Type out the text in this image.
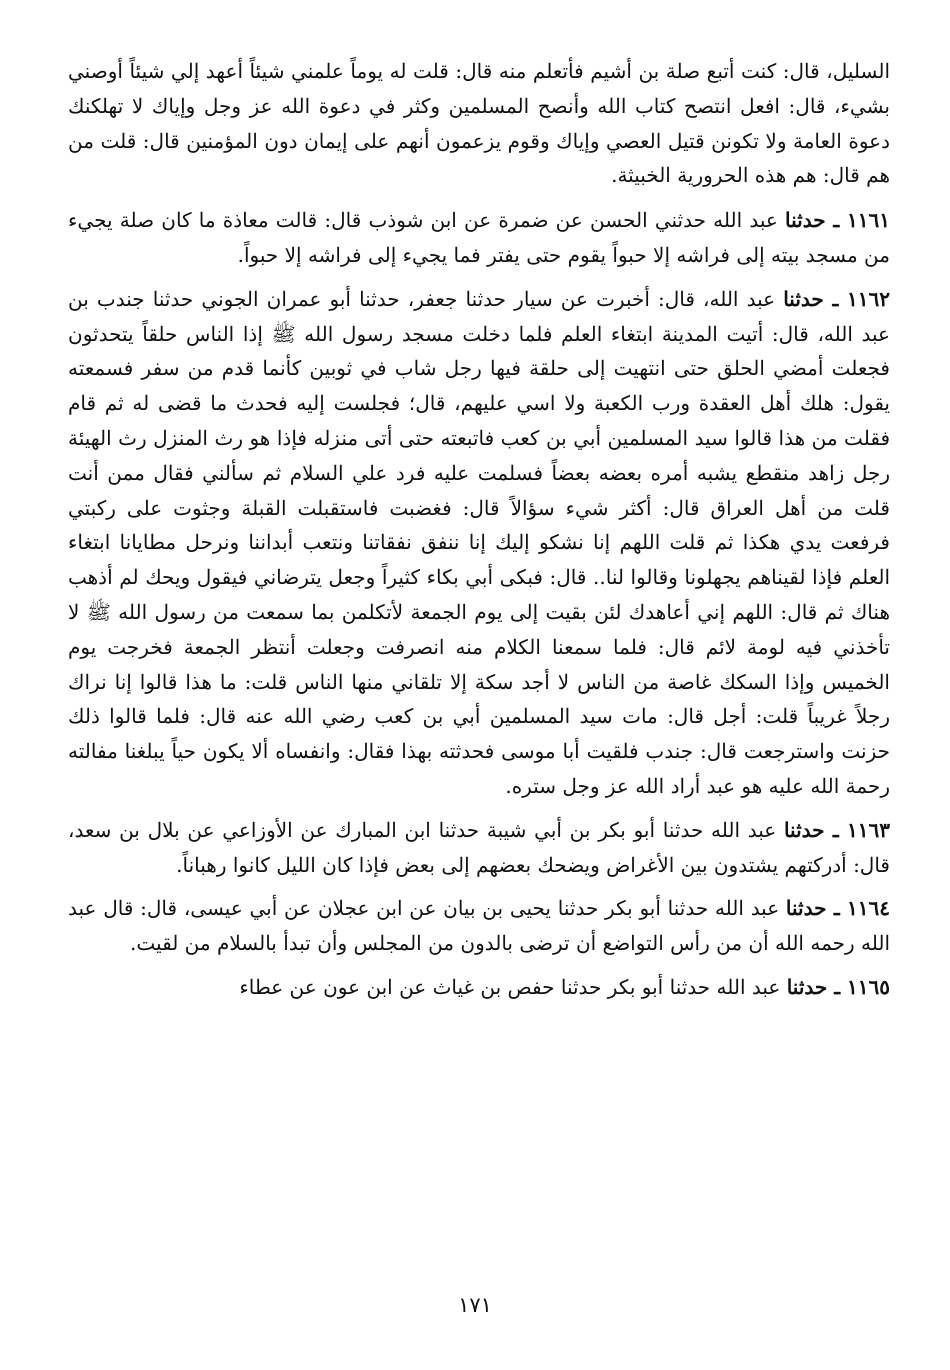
السليل، قال: كنت أتبع صلة بن أشيم فأتعلم منه قال: قلت له يوماً علمني شيئاً أعهد إلي شيئاً أوصني بشيء، قال: افعل انتصح كتاب الله وأنصح المسلمين وكثر في دعوة الله عز وجل وإياك لا تهلكنك دعوة العامة ولا تكونن قتيل العصي وإياك وقوم يزعمون أنهم على إيمان دون المؤمنين قال: قلت من هم قال: هم هذه الحرورية الخبيثة.

١١٦١ ـ حدثنا عبد الله حدثني الحسن عن ضمرة عن ابن شوذب قال: قالت معاذة ما كان صلة يجيء من مسجد بيته إلى فراشه إلا حبواً يقوم حتى يفتر فما يجيء إلى فراشه إلا حبواً.

١١٦٢ ـ حدثنا عبد الله، قال: أخبرت عن سيار حدثنا جعفر، حدثنا أبو عمران الجوني حدثنا جندب بن عبد الله، قال: أتيت المدينة ابتغاء العلم فلما دخلت مسجد رسول الله ﷺ إذا الناس حلقاً يتحدثون فجعلت أمضي الحلق حتى انتهيت إلى حلقة فيها رجل شاب في ثوبين كأنما قدم من سفر فسمعته يقول: هلك أهل العقدة ورب الكعبة ولا اسي عليهم، قال؛ فجلست إليه فحدث ما قضى له ثم قام فقلت من هذا قالوا سيد المسلمين أبي بن كعب فاتبعته حتى أتى منزله فإذا هو رث المنزل رث الهيئة رجل زاهد منقطع يشبه أمره بعضه بعضاً فسلمت عليه فرد علي السلام ثم سألني فقال ممن أنت قلت من أهل العراق قال: أكثر شيء سؤالاً قال: فغضبت فاستقبلت القبلة وجثوت على ركبتي فرفعت يدي هكذا ثم قلت اللهم إنا نشكو إليك إنا ننفق نفقاتنا ونتعب أبداننا ونرحل مطايانا ابتغاء العلم فإذا لقيناهم يجهلونا وقالوا لنا.. قال: فبكى أبي بكاء كثيراً وجعل يترضاني فيقول ويحك لم أذهب هناك ثم قال: اللهم إني أعاهدك لئن بقيت إلى يوم الجمعة لأتكلمن بما سمعت من رسول الله ﷺ لا تأخذني فيه لومة لائم قال: فلما سمعنا الكلام منه انصرفت وجعلت أنتظر الجمعة فخرجت يوم الخميس وإذا السكك غاصة من الناس لا أجد سكة إلا تلقاني منها الناس قلت: ما هذا قالوا إنا نراك رجلاً غريباً قلت: أجل قال: مات سيد المسلمين أبي بن كعب رضي الله عنه قال: فلما قالوا ذلك حزنت واسترجعت قال: جندب فلقيت أبا موسى فحدثته بهذا فقال: وانفساه ألا يكون حياً يبلغنا مفالته رحمة الله عليه هو عبد أراد الله عز وجل ستره.

١١٦٣ ـ حدثنا عبد الله حدثنا أبو بكر بن أبي شيبة حدثنا ابن المبارك عن الأوزاعي عن بلال بن سعد، قال: أدركتهم يشتدون بين الأغراض ويضحك بعضهم إلى بعض فإذا كان الليل كانوا رهباناً.

١١٦٤ ـ حدثنا عبد الله حدثنا أبو بكر حدثنا يحيى بن بيان عن ابن عجلان عن أبي عيسى، قال: قال عبد الله رحمه الله أن من رأس التواضع أن ترضى بالدون من المجلس وأن تبدأ بالسلام من لقيت.

١١٦٥ ـ حدثنا عبد الله حدثنا أبو بكر حدثنا حفص بن غياث عن ابن عون عن عطاء

١٧١
